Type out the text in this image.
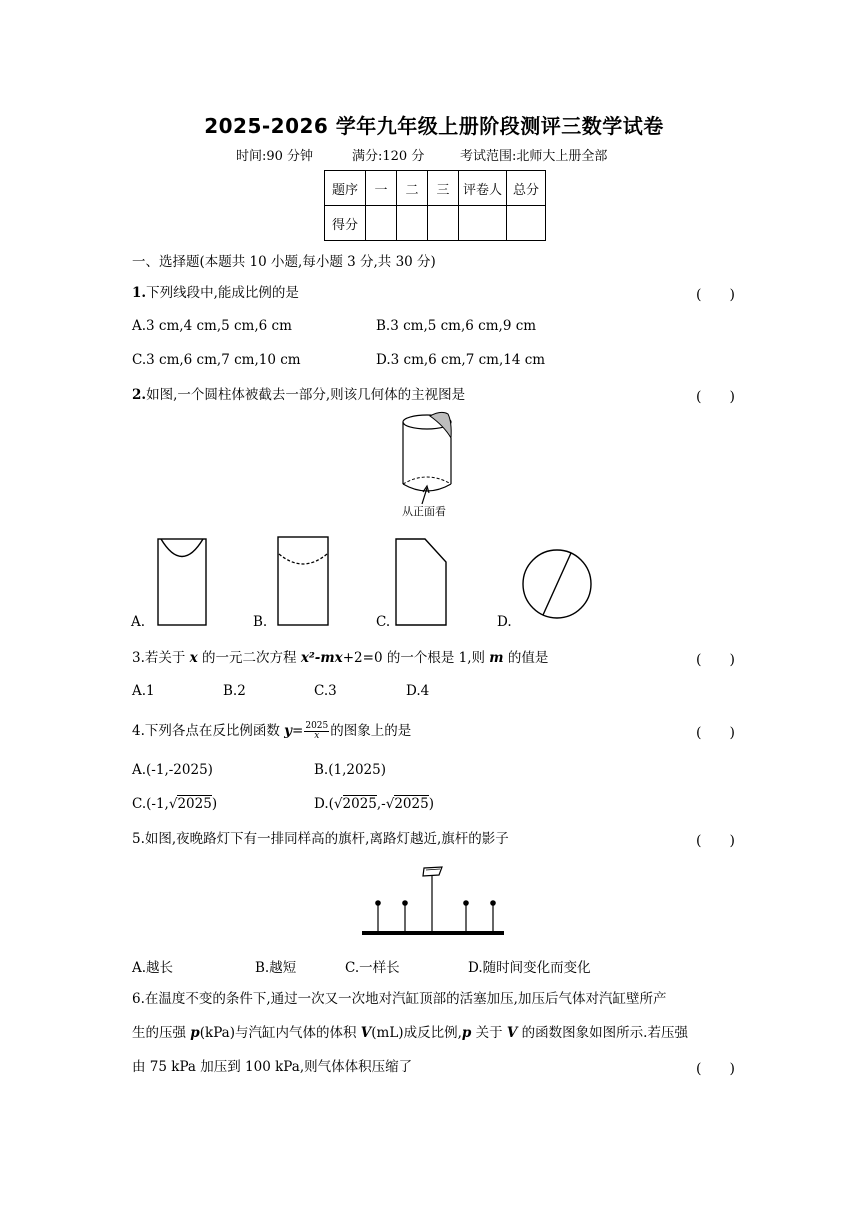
2025-2026 学年九年级上册阶段测评三数学试卷
时间:90 分钟	满分:120 分	考试范围:北师大上册全部
题序	一	二	三	评卷人	总分
得分					
一、选择题(本题共 10 小题,每小题 3 分,共 30 分)
1.下列线段中,能成比例的是	(　　)
A.3 cm,4 cm,5 cm,6 cm	B.3 cm,5 cm,6 cm,9 cm
C.3 cm,6 cm,7 cm,10 cm	D.3 cm,6 cm,7 cm,14 cm
2.如图,一个圆柱体被截去一部分,则该几何体的主视图是	(　　)
从正面看
A.	B.	C.	D.
3.若关于 x 的一元二次方程 x²-mx+2=0 的一个根是 1,则 m 的值是	(　　)
A.1	B.2	C.3	D.4
4.下列各点在反比例函数 $y= \frac{2025}{x}$ 的图象上的是	(　　)
A.(-1,-2025)	B.(1,2025)
C.(-1,√2025)	D.(√2025,-√2025)
5.如图,夜晚路灯下有一排同样高的旗杆,离路灯越近,旗杆的影子	(　　)
A.越长	B.越短	C.一样长	D.随时间变化而变化
6.在温度不变的条件下,通过一次又一次地对汽缸顶部的活塞加压,加压后气体对汽缸壁所产
生的压强 p(kPa)与汽缸内气体的体积 V(mL)成反比例,p 关于 V 的函数图象如图所示.若压强
由 75 kPa 加压到 100 kPa,则气体体积压缩了	(　　)
